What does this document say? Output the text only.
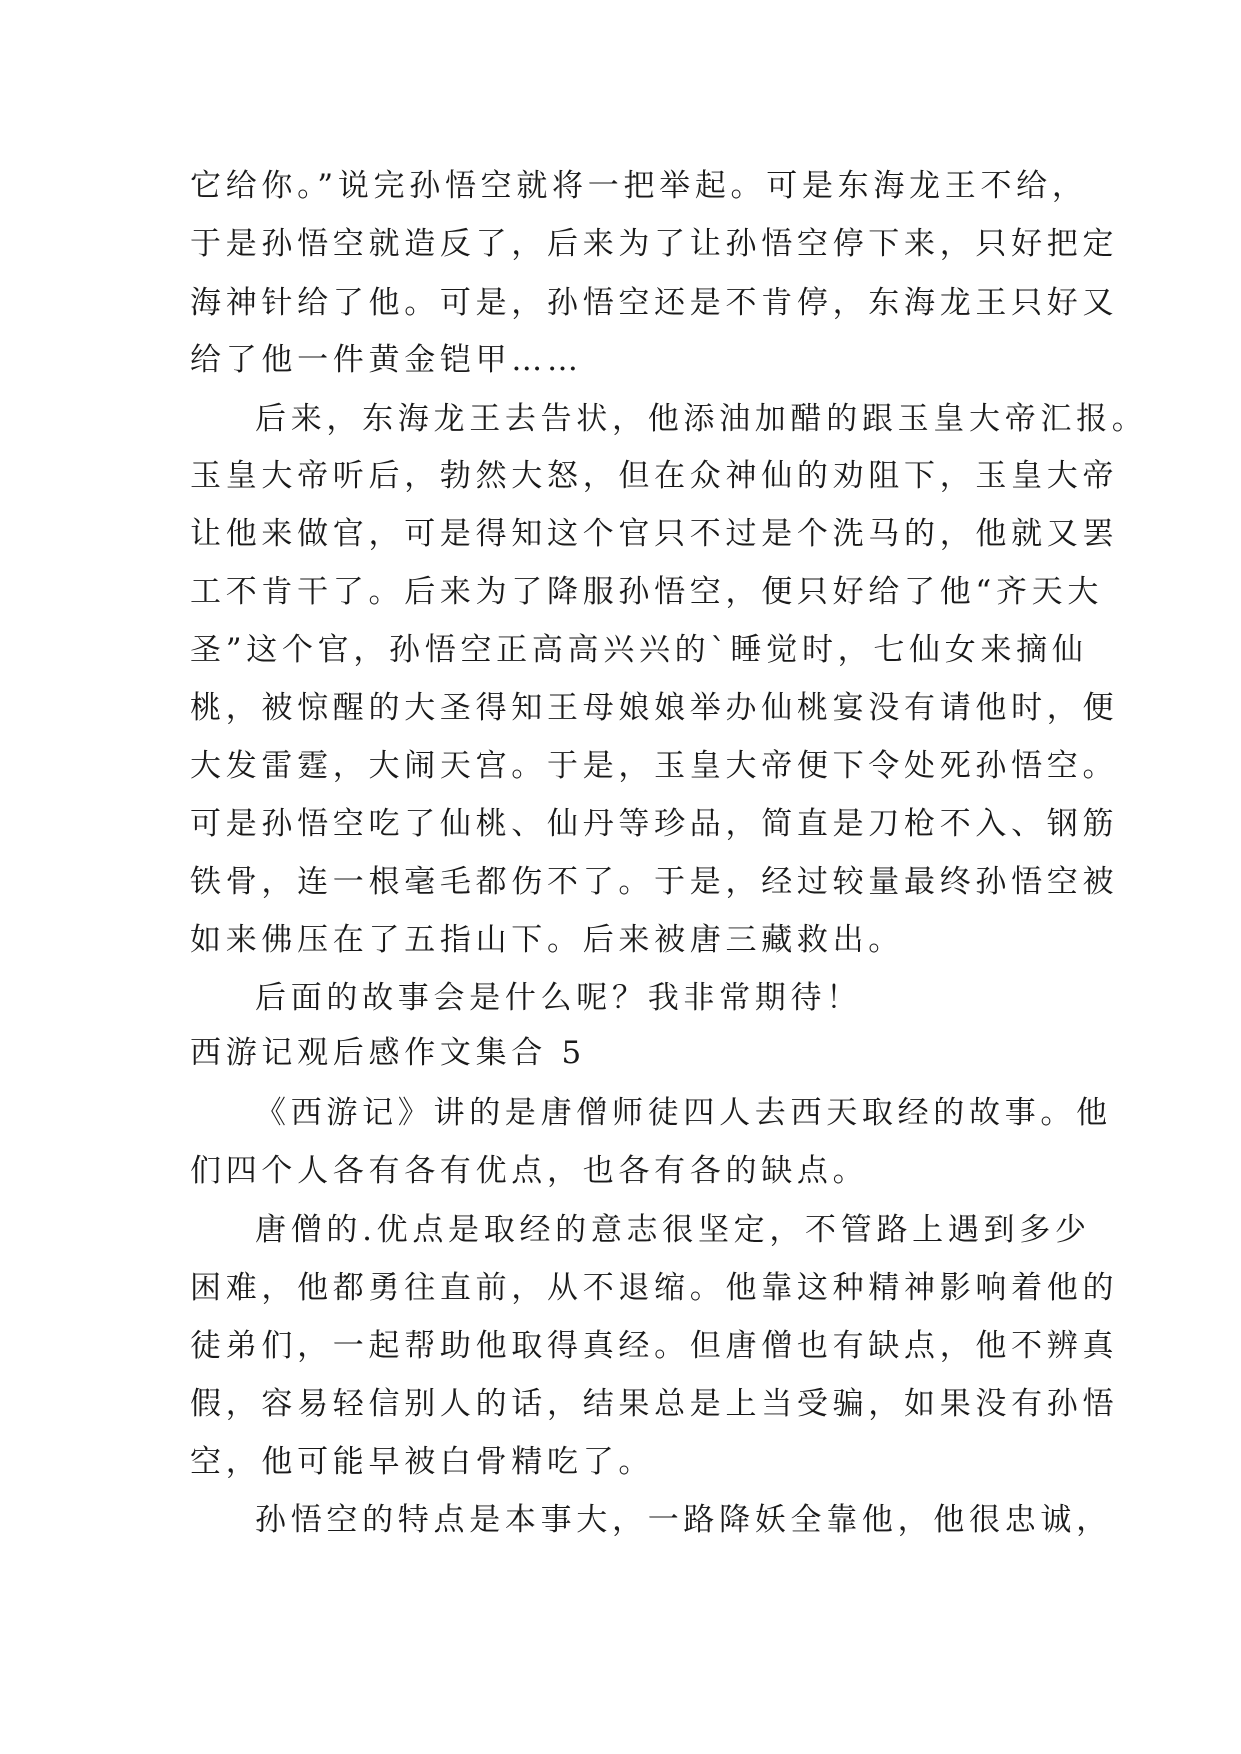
它给你。”说完孙悟空就将一把举起。可是东海龙王不给，
于是孙悟空就造反了，后来为了让孙悟空停下来，只好把定
海神针给了他。可是，孙悟空还是不肯停，东海龙王只好又
给了他一件黄金铠甲……
后来，东海龙王去告状，他添油加醋的跟玉皇大帝汇报。
玉皇大帝听后，勃然大怒，但在众神仙的劝阻下，玉皇大帝
让他来做官，可是得知这个官只不过是个洗马的，他就又罢
工不肯干了。后来为了降服孙悟空，便只好给了他“齐天大
圣”这个官，孙悟空正高高兴兴的`睡觉时，七仙女来摘仙
桃，被惊醒的大圣得知王母娘娘举办仙桃宴没有请他时，便
大发雷霆，大闹天宫。于是，玉皇大帝便下令处死孙悟空。
可是孙悟空吃了仙桃、仙丹等珍品，简直是刀枪不入、钢筋
铁骨，连一根毫毛都伤不了。于是，经过较量最终孙悟空被
如来佛压在了五指山下。后来被唐三藏救出。
后面的故事会是什么呢？我非常期待！
西游记观后感作文集合 5
《西游记》讲的是唐僧师徒四人去西天取经的故事。他
们四个人各有各有优点，也各有各的缺点。
唐僧的.优点是取经的意志很坚定，不管路上遇到多少
困难，他都勇往直前，从不退缩。他靠这种精神影响着他的
徒弟们，一起帮助他取得真经。但唐僧也有缺点，他不辨真
假，容易轻信别人的话，结果总是上当受骗，如果没有孙悟
空，他可能早被白骨精吃了。
孙悟空的特点是本事大，一路降妖全靠他，他很忠诚，
